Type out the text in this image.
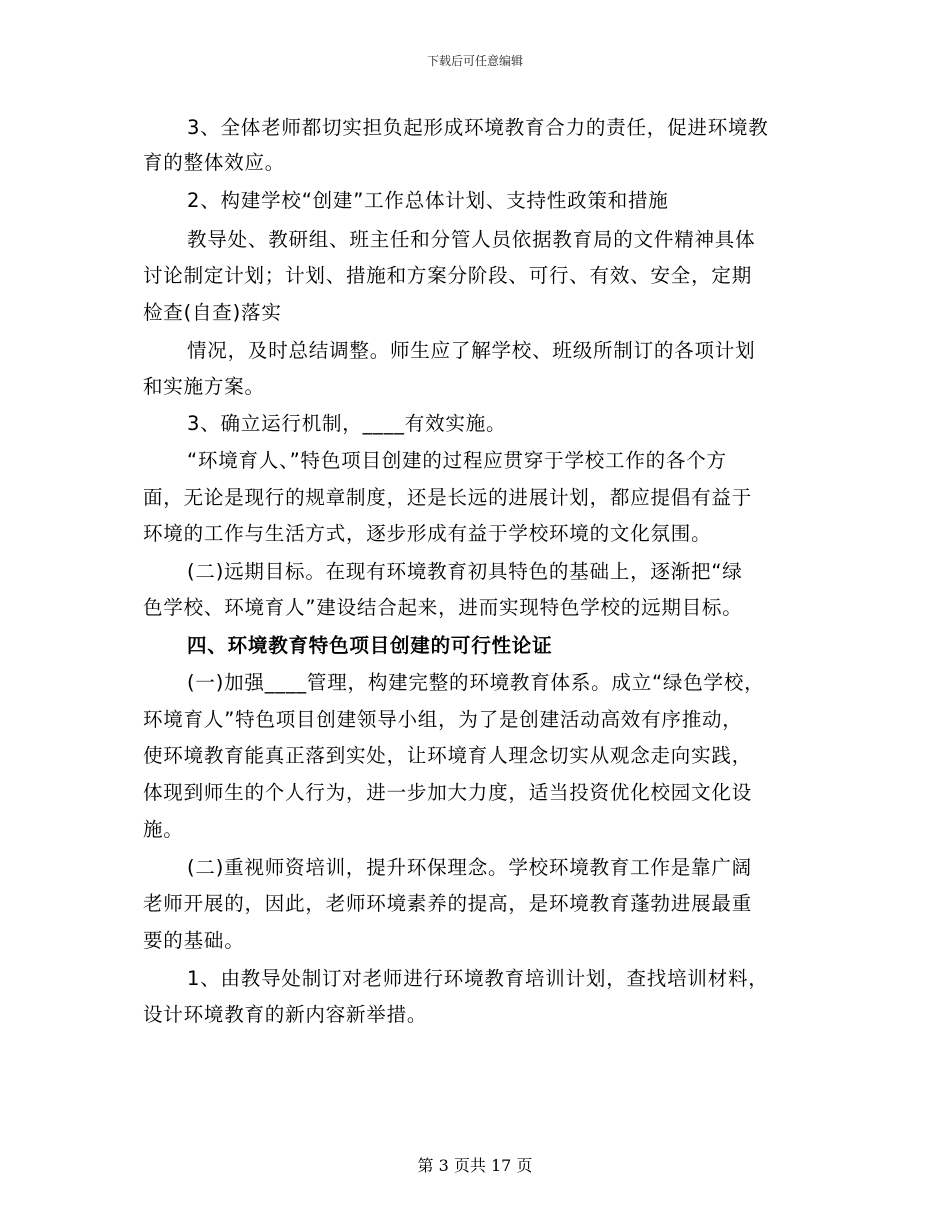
下载后可任意编辑
3、全体老师都切实担负起形成环境教育合力的责任，促进环境教
育的整体效应。
2、构建学校“创建”工作总体计划、支持性政策和措施
教导处、教研组、班主任和分管人员依据教育局的文件精神具体
讨论制定计划；计划、措施和方案分阶段、可行、有效、安全，定期
检查(自查)落实
情况，及时总结调整。师生应了解学校、班级所制订的各项计划
和实施方案。
3、确立运行机制，____有效实施。
“环境育人、”特色项目创建的过程应贯穿于学校工作的各个方
面，无论是现行的规章制度，还是长远的进展计划，都应提倡有益于
环境的工作与生活方式，逐步形成有益于学校环境的文化氛围。
(二)远期目标。在现有环境教育初具特色的基础上，逐渐把“绿
色学校、环境育人”建设结合起来，进而实现特色学校的远期目标。
四、环境教育特色项目创建的可行性论证
(一)加强____管理，构建完整的环境教育体系。成立“绿色学校，
环境育人”特色项目创建领导小组，为了是创建活动高效有序推动，
使环境教育能真正落到实处，让环境育人理念切实从观念走向实践，
体现到师生的个人行为，进一步加大力度，适当投资优化校园文化设
施。
(二)重视师资培训，提升环保理念。学校环境教育工作是靠广阔
老师开展的，因此，老师环境素养的提高，是环境教育蓬勃进展最重
要的基础。
1、由教导处制订对老师进行环境教育培训计划，查找培训材料，
设计环境教育的新内容新举措。
第 3 页共 17 页
